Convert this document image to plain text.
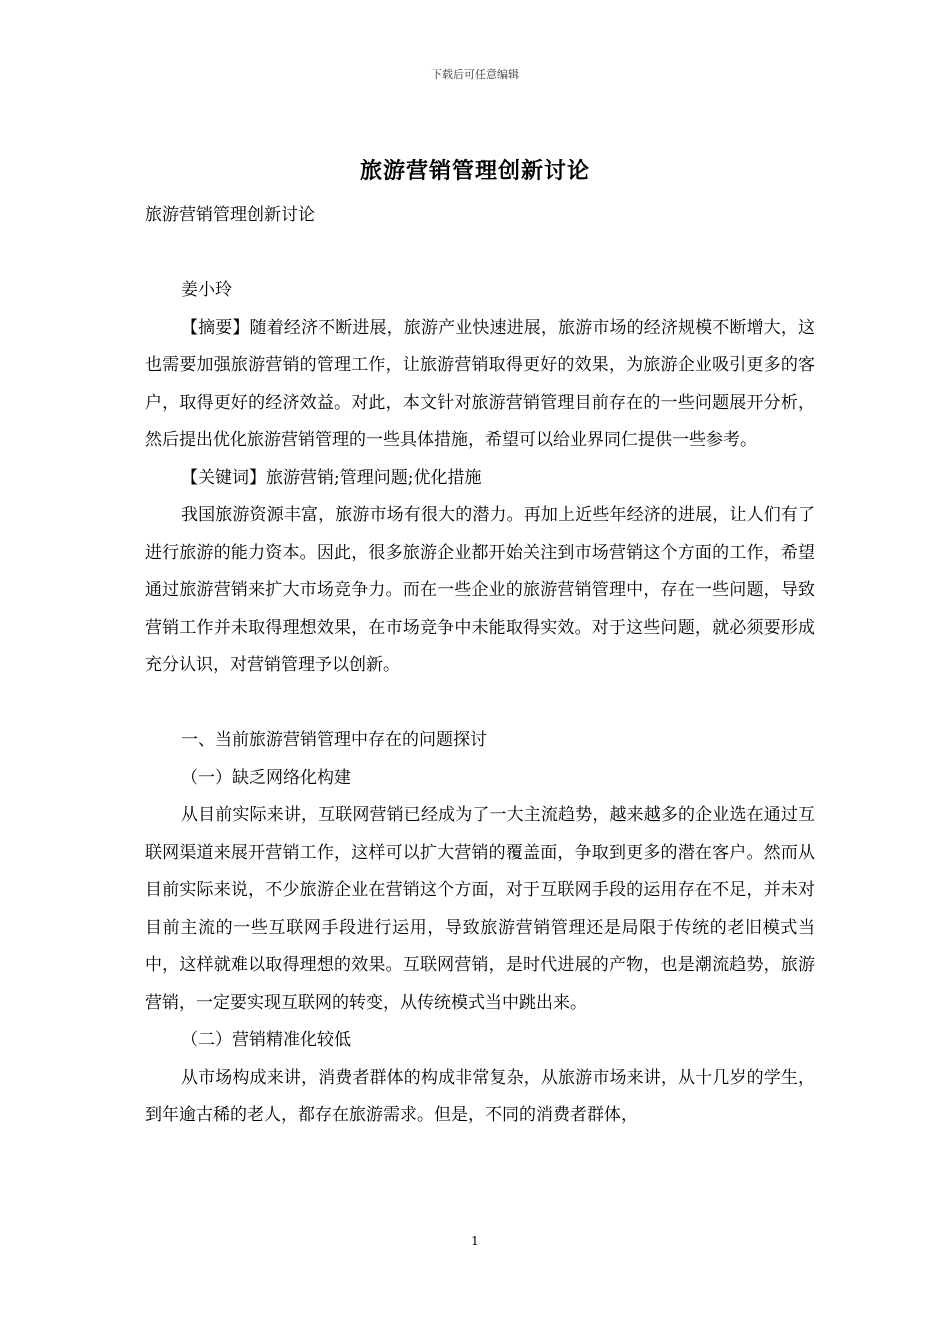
下载后可任意编辑
旅游营销管理创新讨论

旅游营销管理创新讨论

姜小玲

【摘要】随着经济不断进展，旅游产业快速进展，旅游市场的经济规模不断增大，这也需要加强旅游营销的管理工作，让旅游营销取得更好的效果，为旅游企业吸引更多的客户，取得更好的经济效益。对此，本文针对旅游营销管理目前存在的一些问题展开分析，然后提出优化旅游营销管理的一些具体措施，希望可以给业界同仁提供一些参考。

【关键词】旅游营销;管理问题;优化措施

我国旅游资源丰富，旅游市场有很大的潜力。再加上近些年经济的进展，让人们有了进行旅游的能力资本。因此，很多旅游企业都开始关注到市场营销这个方面的工作，希望通过旅游营销来扩大市场竞争力。而在一些企业的旅游营销管理中，存在一些问题，导致营销工作并未取得理想效果，在市场竞争中未能取得实效。对于这些问题，就必须要形成充分认识，对营销管理予以创新。

一、当前旅游营销管理中存在的问题探讨

（一）缺乏网络化构建

从目前实际来讲，互联网营销已经成为了一大主流趋势，越来越多的企业选在通过互联网渠道来展开营销工作，这样可以扩大营销的覆盖面，争取到更多的潜在客户。然而从目前实际来说，不少旅游企业在营销这个方面，对于互联网手段的运用存在不足，并未对目前主流的一些互联网手段进行运用，导致旅游营销管理还是局限于传统的老旧模式当中，这样就难以取得理想的效果。互联网营销，是时代进展的产物，也是潮流趋势，旅游营销，一定要实现互联网的转变，从传统模式当中跳出来。

（二）营销精准化较低

从市场构成来讲，消费者群体的构成非常复杂，从旅游市场来讲，从十几岁的学生，到年逾古稀的老人，都存在旅游需求。但是，不同的消费者群体，

1
